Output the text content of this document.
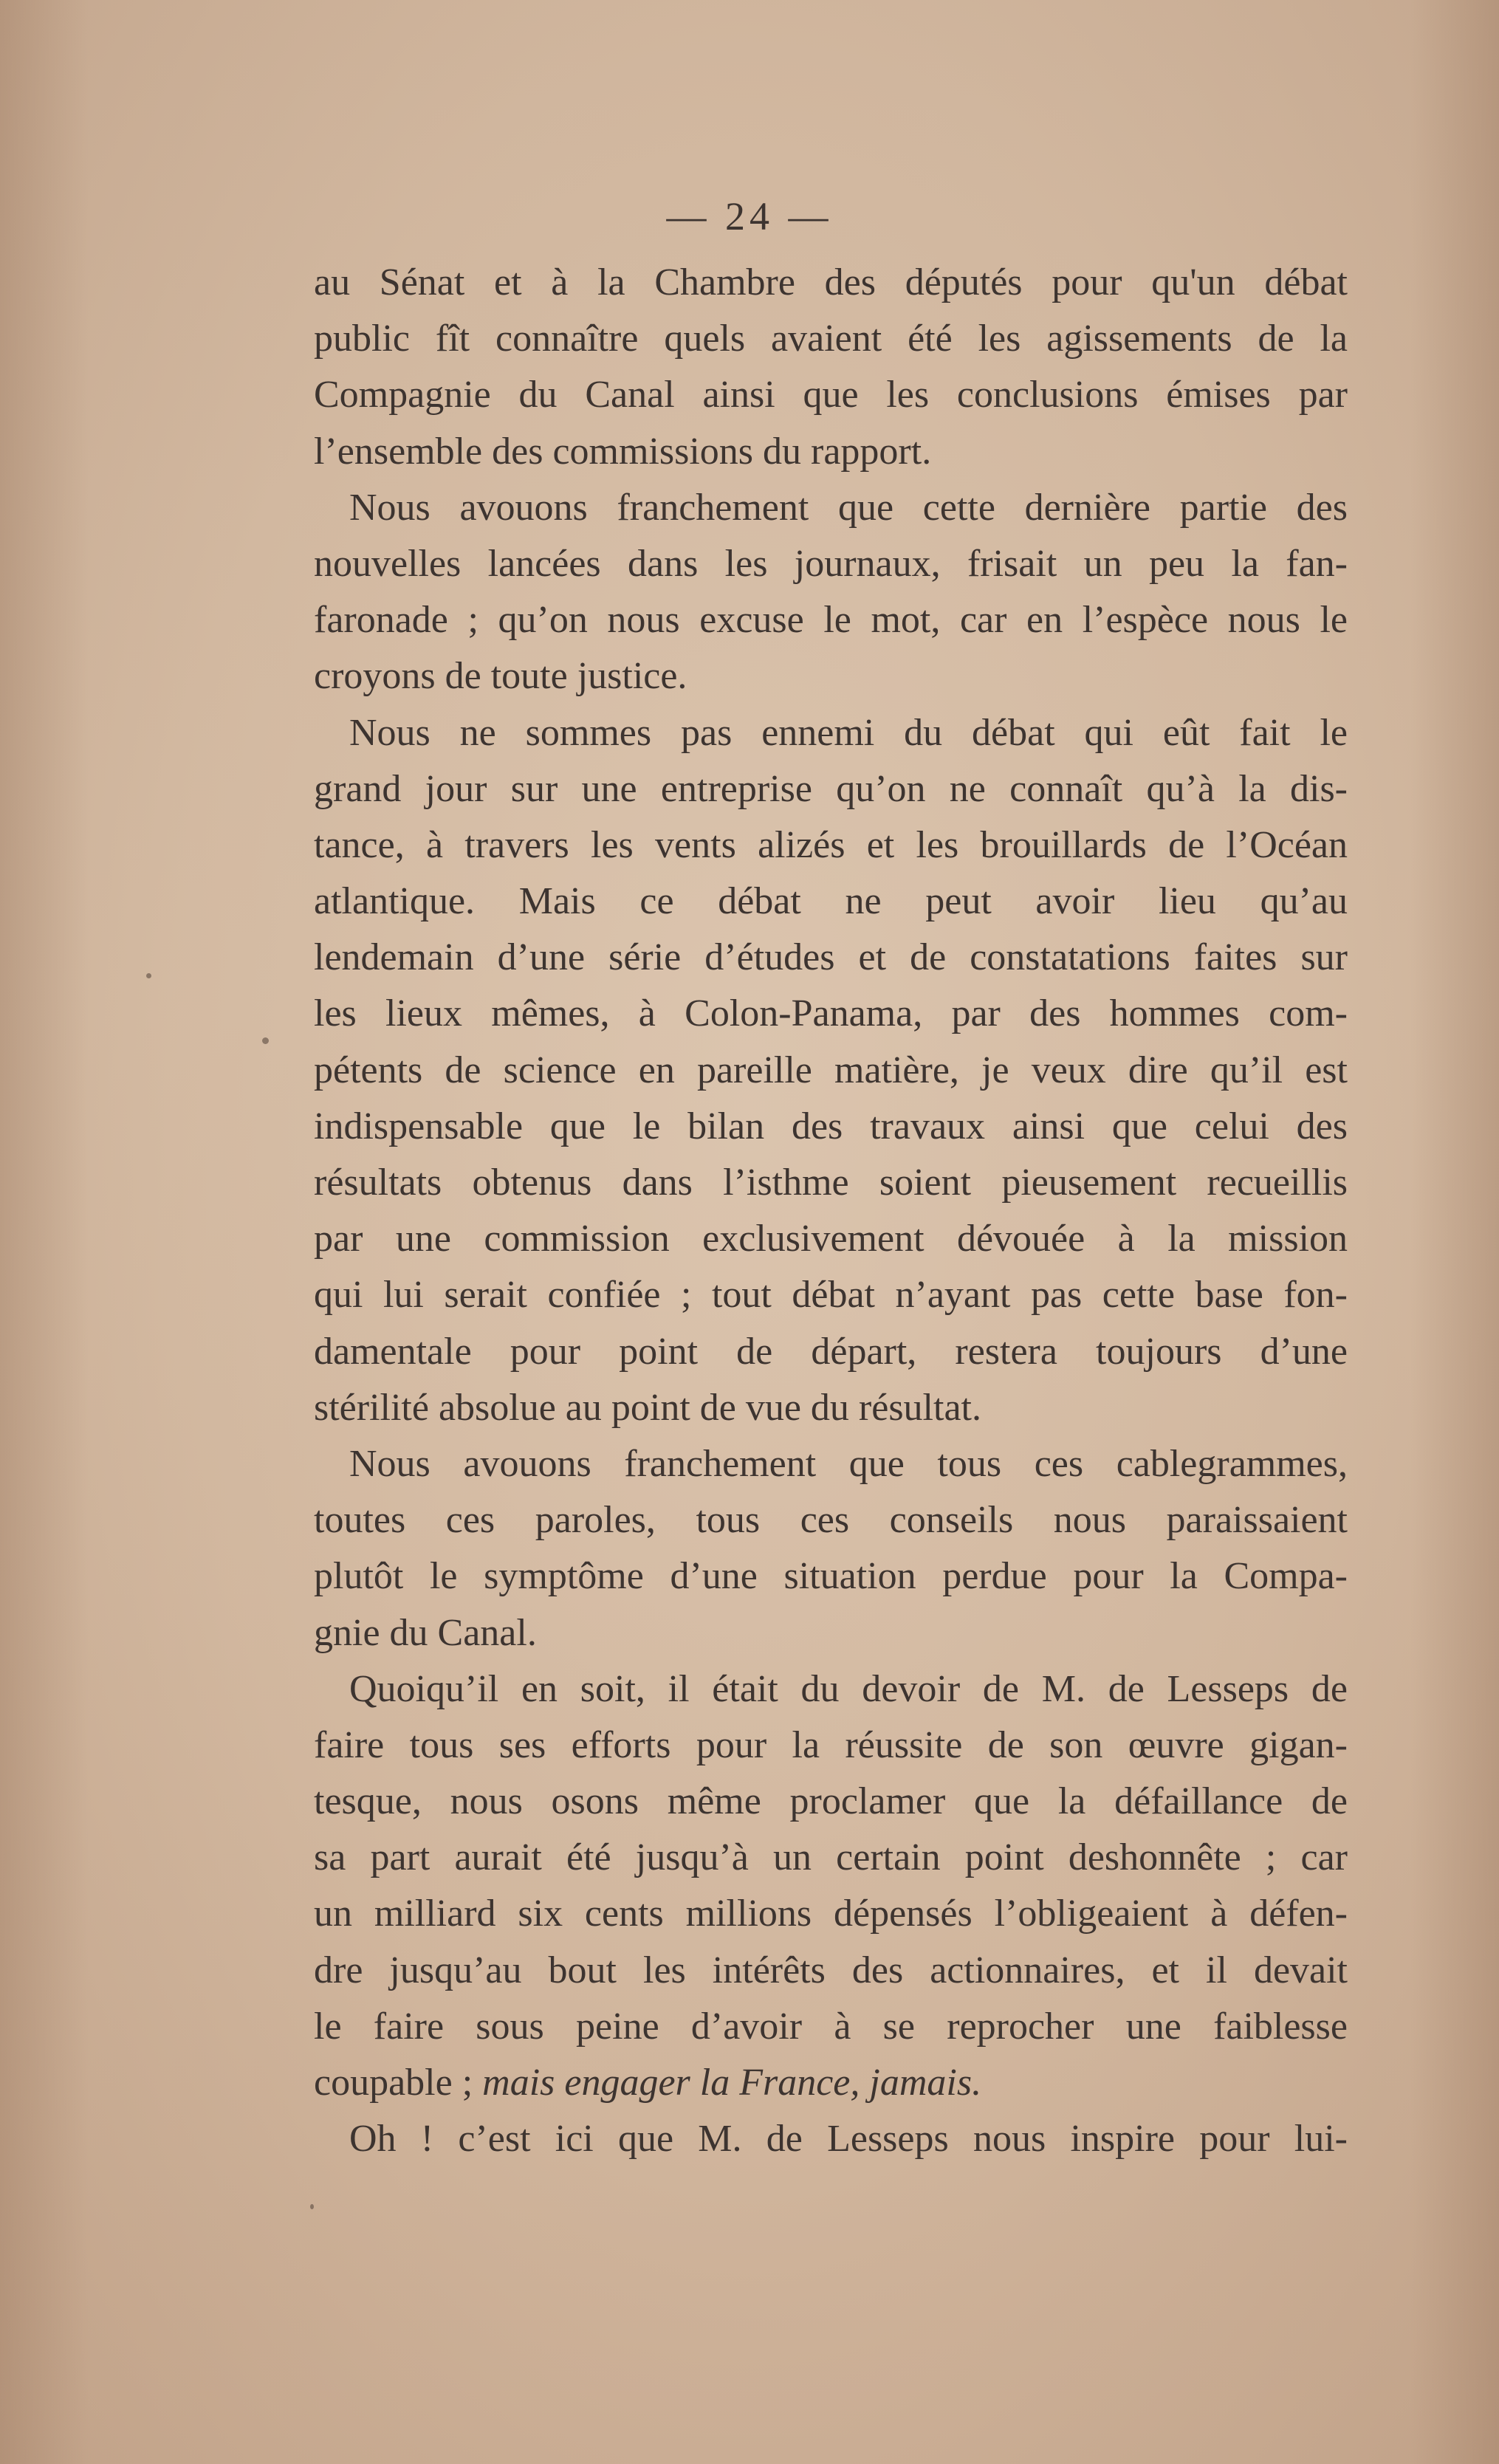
— 24 —
au Sénat et à la Chambre des députés pour qu'un débat
public fît connaître quels avaient été les agissements de la
Compagnie du Canal ainsi que les conclusions émises par
l’ensemble des commissions du rapport.
Nous avouons franchement que cette dernière partie des
nouvelles lancées dans les journaux, frisait un peu la fan-
faronade ; qu’on nous excuse le mot, car en l’espèce nous le
croyons de toute justice.
Nous ne sommes pas ennemi du débat qui eût fait le
grand jour sur une entreprise qu’on ne connaît qu’à la dis-
tance, à travers les vents alizés et les brouillards de l’Océan
atlantique. Mais ce débat ne peut avoir lieu qu’au
lendemain d’une série d’études et de constatations faites sur
les lieux mêmes, à Colon-Panama, par des hommes com-
pétents de science en pareille matière, je veux dire qu’il est
indispensable que le bilan des travaux ainsi que celui des
résultats obtenus dans l’isthme soient pieusement recueillis
par une commission exclusivement dévouée à la mission
qui lui serait confiée ; tout débat n’ayant pas cette base fon-
damentale pour point de départ, restera toujours d’une
stérilité absolue au point de vue du résultat.
Nous avouons franchement que tous ces cablegrammes,
toutes ces paroles, tous ces conseils nous paraissaient
plutôt le symptôme d’une situation perdue pour la Compa-
gnie du Canal.
Quoiqu’il en soit, il était du devoir de M. de Lesseps de
faire tous ses efforts pour la réussite de son œuvre gigan-
tesque, nous osons même proclamer que la défaillance de
sa part aurait été jusqu’à un certain point deshonnête ; car
un milliard six cents millions dépensés l’obligeaient à défen-
dre jusqu’au bout les intérêts des actionnaires, et il devait
le faire sous peine d’avoir à se reprocher une faiblesse
coupable ; mais engager la France, jamais.
Oh ! c’est ici que M. de Lesseps nous inspire pour lui-
